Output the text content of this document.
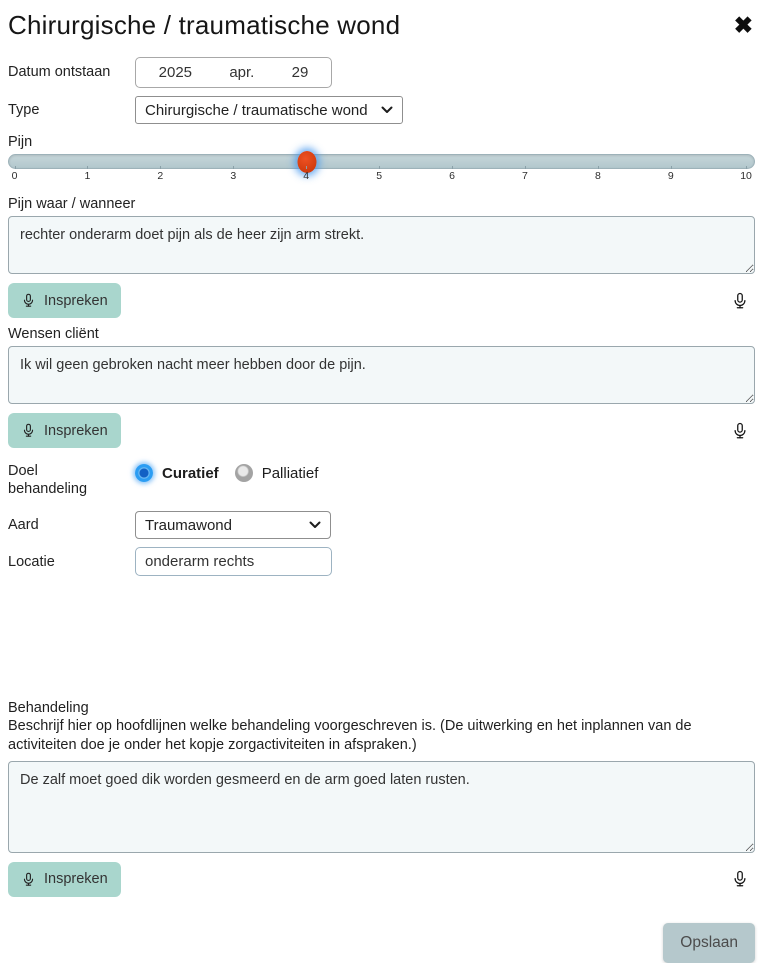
Chirurgische / traumatische wond	✖
Datum ontstaan	2025 apr. 29
Type	Chirurgische / traumatische wond
Pijn
0	1	2	3	4	5	6	7	8	9	10
Pijn waar / wanneer
rechter onderarm doet pijn als de heer zijn arm strekt.
Inspreken
Wensen cliënt
Ik wil geen gebroken nacht meer hebben door de pijn.
Inspreken
Doel behandeling
Curatief	Palliatief
Aard	Traumawond
Locatie
onderarm rechts
Behandeling
Beschrijf hier op hoofdlijnen welke behandeling voorgeschreven is. (De uitwerking en het inplannen van de activiteiten doe je onder het kopje zorgactiviteiten in afspraken.)
De zalf moet goed dik worden gesmeerd en de arm goed laten rusten.
Inspreken
Opslaan
